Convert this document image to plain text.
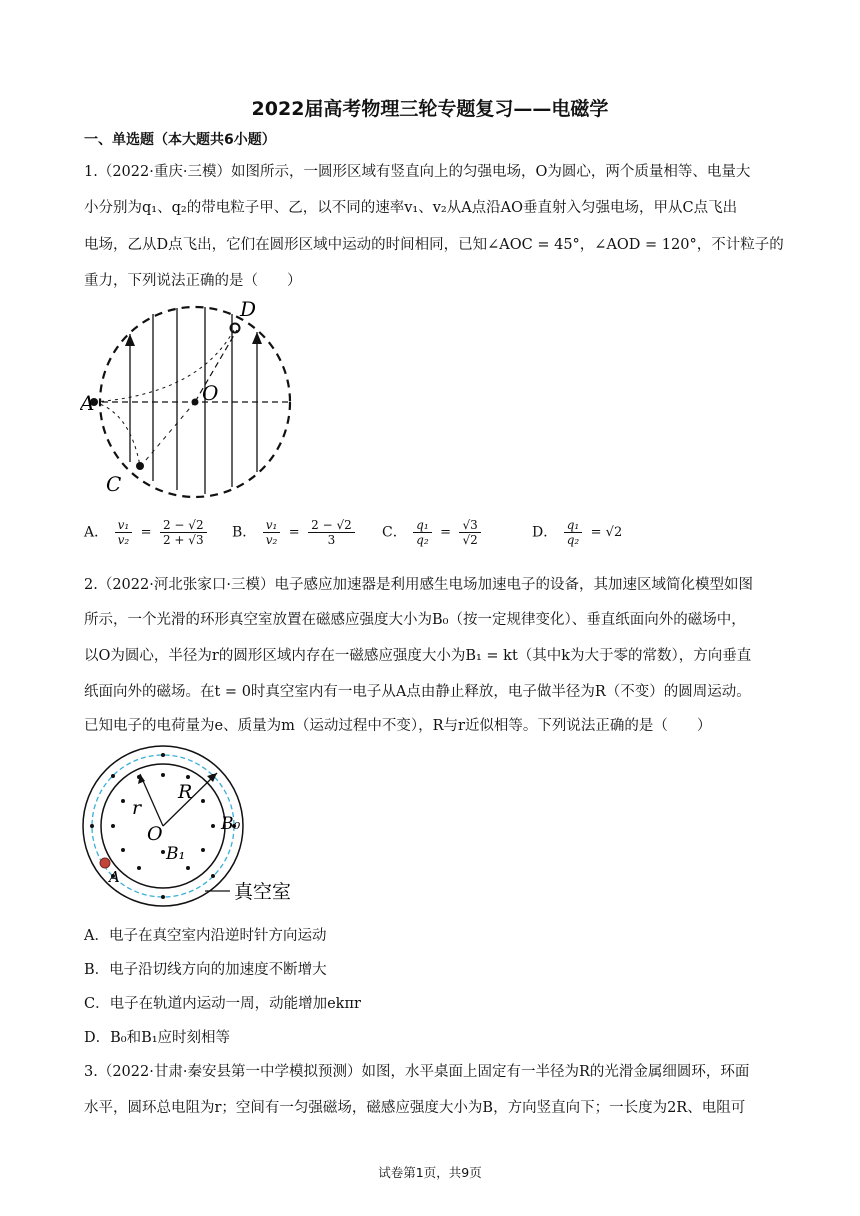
2022届高考物理三轮专题复习——电磁学
一、单选题（本大题共6小题）
1.（2022·重庆·三模）如图所示，一圆形区域有竖直向上的匀强电场，O为圆心，两个质量相等、电量大
小分别为q₁、q₂的带电粒子甲、乙，以不同的速率v₁、v₂从A点沿AO垂直射入匀强电场，甲从C点飞出
电场，乙从D点飞出，它们在圆形区域中运动的时间相同，已知∠AOC = 45°，∠AOD = 120°，不计粒子的
重力，下列说法正确的是（　　）
A	O
C
D
A． $\frac{\text{v₁}}{\text{v₂}} = \frac{2 - √2}{2 + √3}$ B． $\frac{\text{v₁}}{\text{v₂}} = \frac{2 - √2}{3}$ C． $\frac{\text{q₁}}{\text{q₂}} = \frac{√3}{√2}$	D． $\frac{\text{q₁}}{\text{q₂}} = √2$
2.（2022·河北张家口·三模）电子感应加速器是利用感生电场加速电子的设备，其加速区域简化模型如图
所示，一个光滑的环形真空室放置在磁感应强度大小为B₀（按一定规律变化）、垂直纸面向外的磁场中，
以O为圆心，半径为r的圆形区域内存在一磁感应强度大小为B₁ = kt（其中k为大于零的常数），方向垂直
纸面向外的磁场。在t = 0时真空室内有一电子从A点由静止释放，电子做半径为R（不变）的圆周运动。
已知电子的电荷量为e、质量为m（运动过程中不变），R与r近似相等。下列说法正确的是（　　）
r
R
O	B₀
B₁
A
真空室
A．电子在真空室内沿逆时针方向运动
B．电子沿切线方向的加速度不断增大
C．电子在轨道内运动一周，动能增加ekπr
D．B₀和B₁应时刻相等
3.（2022·甘肃·秦安县第一中学模拟预测）如图，水平桌面上固定有一半径为R的光滑金属细圆环，环面
水平，圆环总电阻为r；空间有一匀强磁场，磁感应强度大小为B，方向竖直向下；一长度为2R、电阻可
试卷第1页，共9页
